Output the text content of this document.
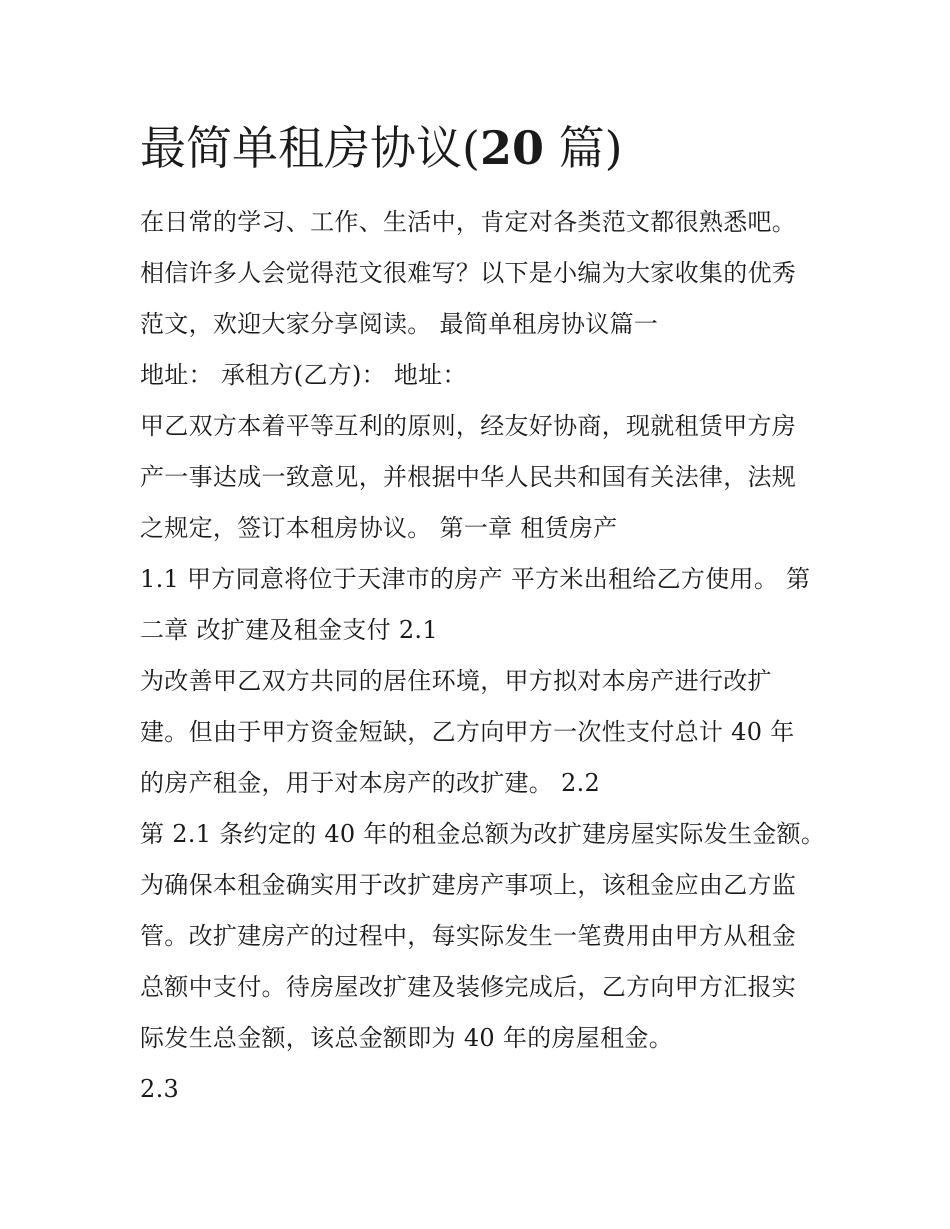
最简单租房协议(20 篇)
在日常的学习、工作、生活中，肯定对各类范文都很熟悉吧。
相信许多人会觉得范文很难写？以下是小编为大家收集的优秀
范文，欢迎大家分享阅读。 最简单租房协议篇一
地址： 承租方(乙方)： 地址：
甲乙双方本着平等互利的原则，经友好协商，现就租赁甲方房
产一事达成一致意见，并根据中华人民共和国有关法律，法规
之规定，签订本租房协议。 第一章 租赁房产
1.1 甲方同意将位于天津市的房产 平方米出租给乙方使用。 第
二章 改扩建及租金支付 2.1
为改善甲乙双方共同的居住环境，甲方拟对本房产进行改扩
建。但由于甲方资金短缺，乙方向甲方一次性支付总计 40 年
的房产租金，用于对本房产的改扩建。 2.2
第 2.1 条约定的 40 年的租金总额为改扩建房屋实际发生金额。
为确保本租金确实用于改扩建房产事项上，该租金应由乙方监
管。改扩建房产的过程中，每实际发生一笔费用由甲方从租金
总额中支付。待房屋改扩建及装修完成后，乙方向甲方汇报实
际发生总金额，该总金额即为 40 年的房屋租金。
2.3
